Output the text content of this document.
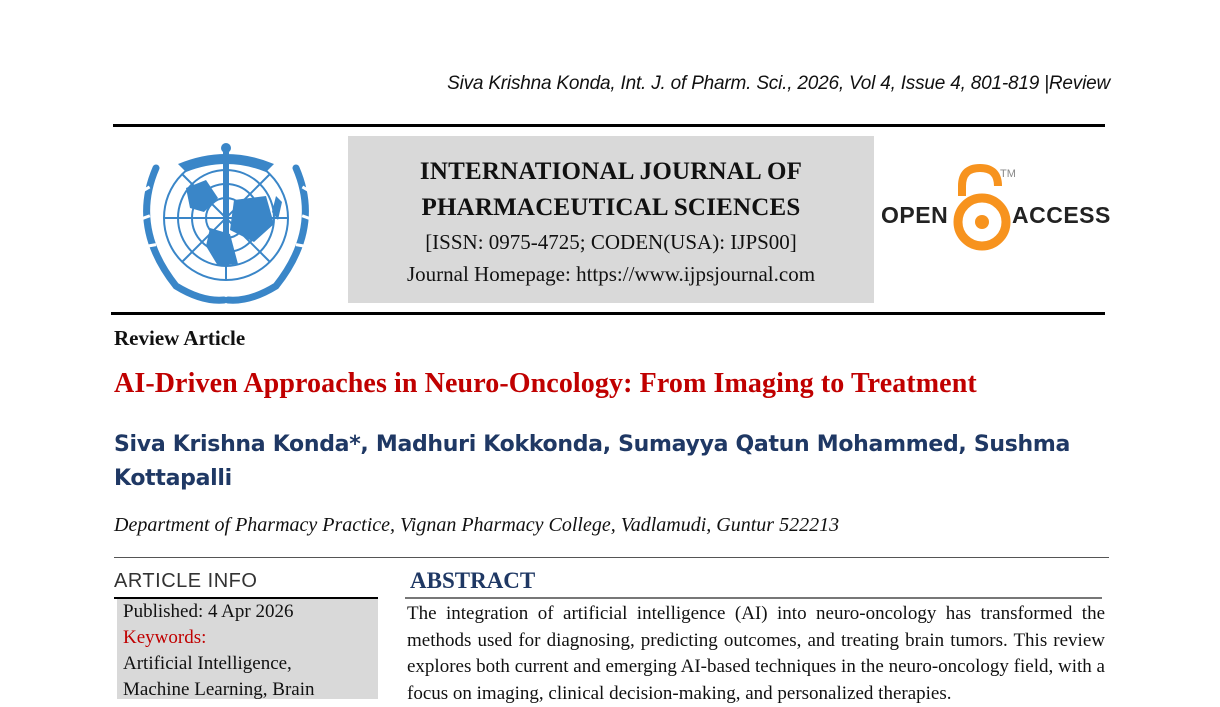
Siva Krishna Konda, Int. J. of Pharm. Sci., 2026, Vol 4, Issue 4, 801-819 |Review
INTERNATIONAL JOURNAL OF
PHARMACEUTICAL SCIENCES
[ISSN: 0975-4725; CODEN(USA): IJPS00]
Journal Homepage: https://www.ijpsjournal.com
OPEN
TM
ACCESS
Review Article
AI-Driven Approaches in Neuro-Oncology: From Imaging to Treatment
Siva Krishna Konda*, Madhuri Kokkonda, Sumayya Qatun Mohammed, Sushma Kottapalli
Department of Pharmacy Practice, Vignan Pharmacy College, Vadlamudi, Guntur 522213
ARTICLE INFO
Published: 4 Apr 2026
Keywords:
Artificial Intelligence,
Machine Learning, Brain
ABSTRACT
The integration of artificial intelligence (AI) into neuro-oncology has transformed the methods used for diagnosing, predicting outcomes, and treating brain tumors. This review explores both current and emerging AI-based techniques in the neuro-oncology field, with a focus on imaging, clinical decision-making, and personalized therapies.
